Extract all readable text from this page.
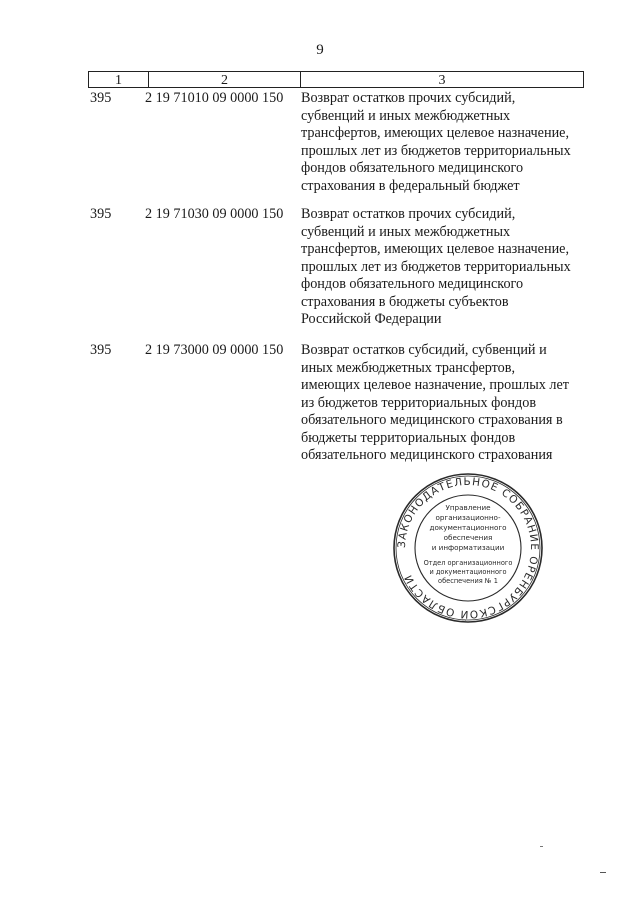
9
1	2	3
395	2 19 71010 09 0000 150	Возврат остатков прочих субсидий,
субвенций и иных межбюджетных
трансфертов, имеющих целевое назначение,
прошлых лет из бюджетов территориальных
фондов обязательного медицинского
страхования в федеральный бюджет
395	2 19 71030 09 0000 150	Возврат остатков прочих субсидий,
субвенций и иных межбюджетных
трансфертов, имеющих целевое назначение,
прошлых лет из бюджетов территориальных
фондов обязательного медицинского
страхования в бюджеты субъектов
Российской Федерации
395	2 19 73000 09 0000 150	Возврат остатков субсидий, субвенций и
иных межбюджетных трансфертов,
имеющих целевое назначение, прошлых лет
из бюджетов территориальных фондов
обязательного медицинского страхования в
бюджеты территориальных фондов
обязательного медицинского страхования
ЗАКОНОДАТЕЛЬНОЕ СОБРАНИЕ ОРЕНБУРГСКОЙ ОБЛАСТИ
Управление
организационно-
документационного
обеспечения
и информатизации
Отдел организационного
и документационного
обеспечения № 1
